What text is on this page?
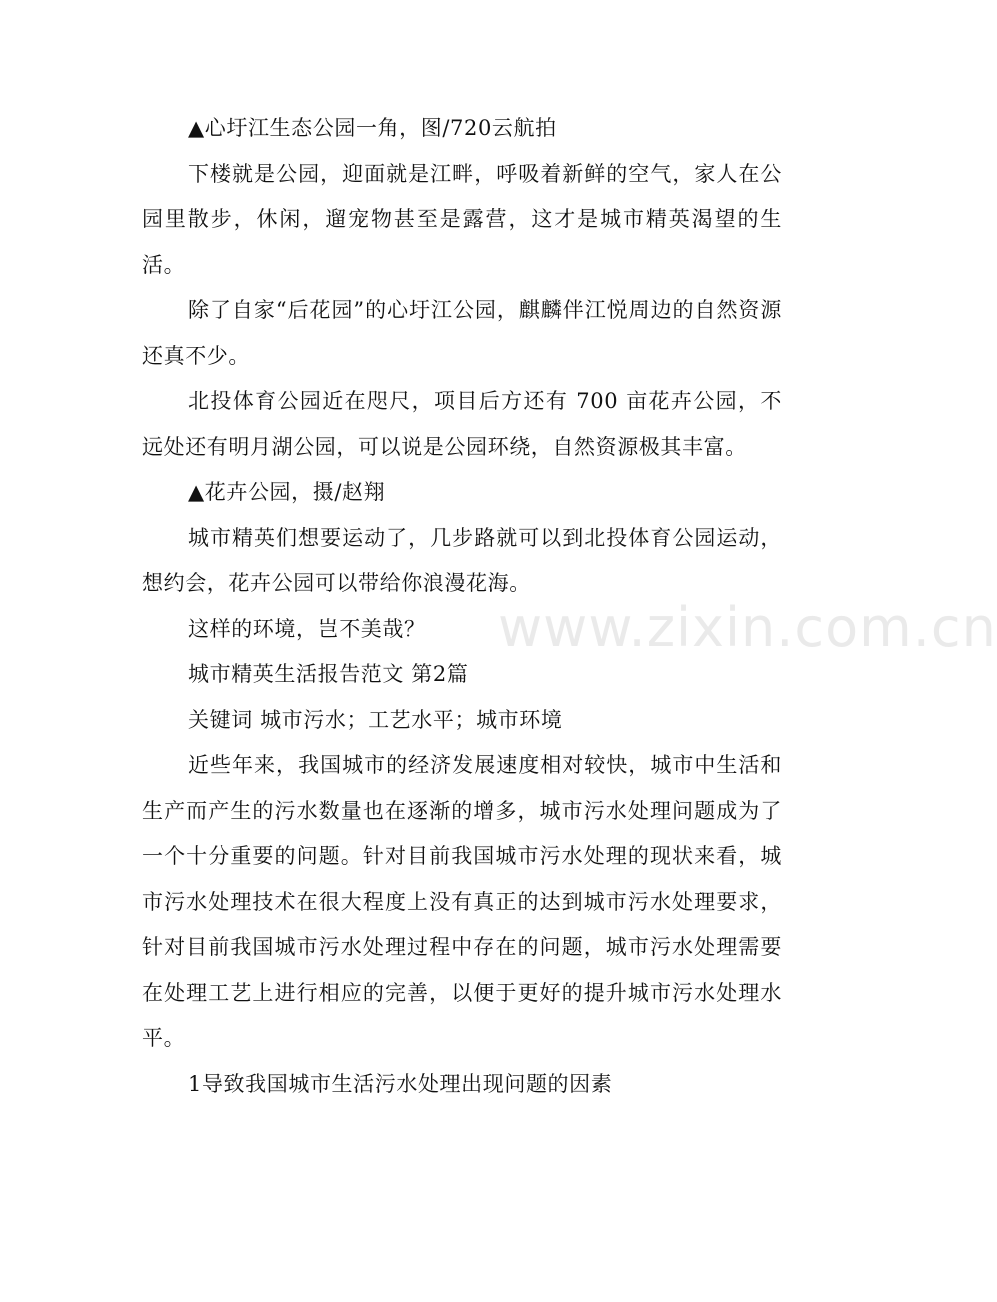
▲心圩江生态公园一角，图/720云航拍

下楼就是公园，迎面就是江畔，呼吸着新鲜的空气，家人在公园里散步，休闲，遛宠物甚至是露营，这才是城市精英渴望的生活。

除了自家“后花园”的心圩江公园，麒麟伴江悦周边的自然资源还真不少。

北投体育公园近在咫尺，项目后方还有 700 亩花卉公园，不远处还有明月湖公园，可以说是公园环绕，自然资源极其丰富。

▲花卉公园，摄/赵翔

城市精英们想要运动了，几步路就可以到北投体育公园运动，想约会，花卉公园可以带给你浪漫花海。

这样的环境，岂不美哉？

城市精英生活报告范文 第2篇

关键词 城市污水；工艺水平；城市环境

近些年来，我国城市的经济发展速度相对较快，城市中生活和生产而产生的污水数量也在逐渐的增多，城市污水处理问题成为了一个十分重要的问题。针对目前我国城市污水处理的现状来看，城市污水处理技术在很大程度上没有真正的达到城市污水处理要求，针对目前我国城市污水处理过程中存在的问题，城市污水处理需要在处理工艺上进行相应的完善，以便于更好的提升城市污水处理水平。

1导致我国城市生活污水处理出现问题的因素

www.zixin.com.cn
